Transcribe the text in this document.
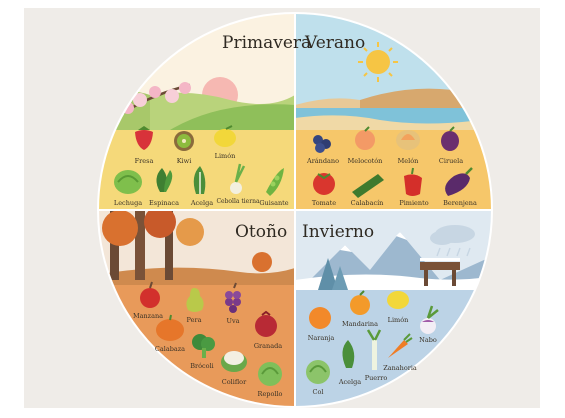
Primavera
Verano
Otoño Invierno
Fresa	Kiwi
Limón
Lechuga Espinaca Acelga Cebolla tierna Guisante
Arándano Melocotón Melón	Ciruela
Tomate Calabacín Pimiento Berenjena
Manzana	Pera	Uva
Calabaza	Granada
Brócoli
Coliflor
Repollo
Naranja
Mandarina Limón
Nabo
Zanahoria
Puerro
Acelga
Col
